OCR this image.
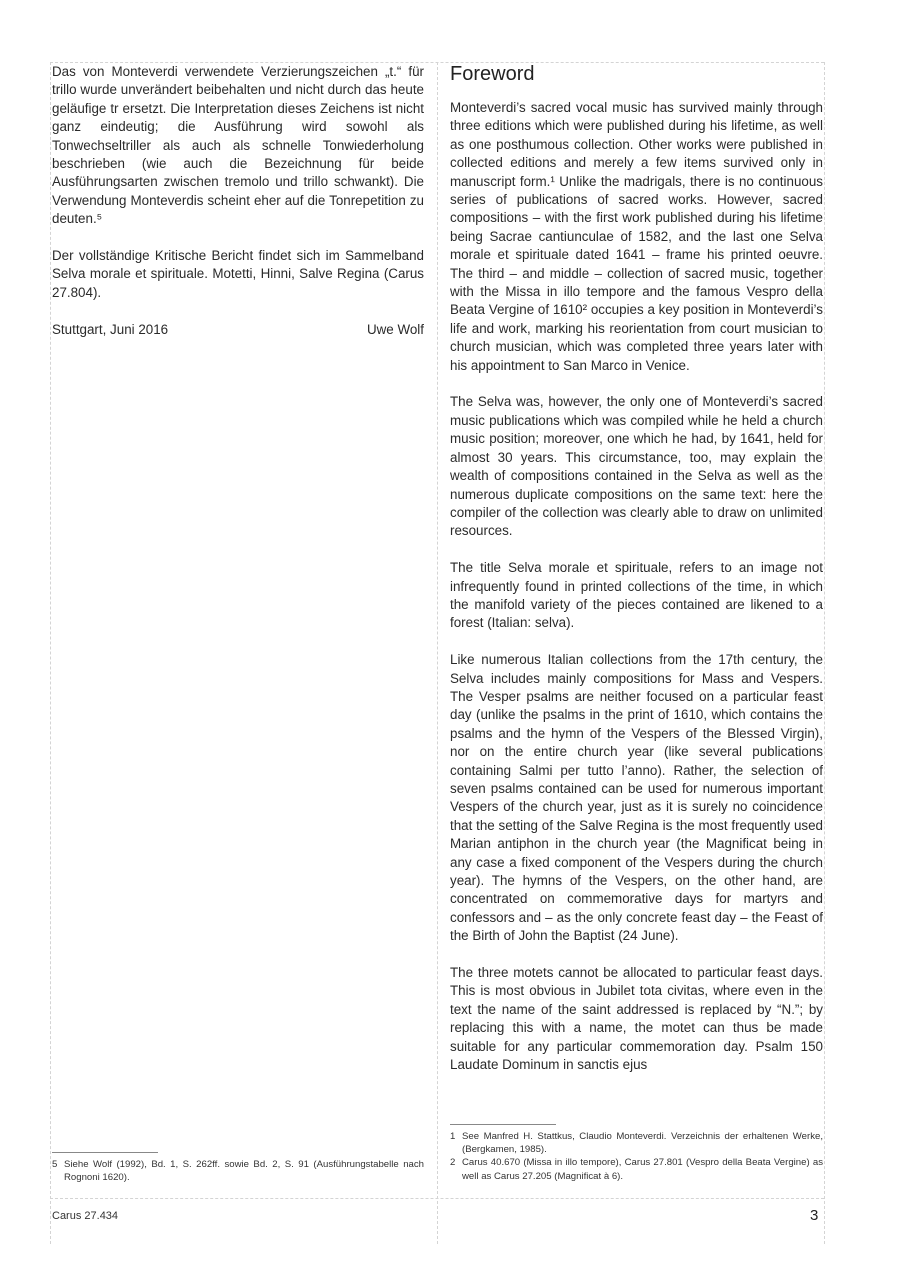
Das von Monteverdi verwendete Verzierungszeichen „t.“ für trillo wurde unverändert beibehalten und nicht durch das heute geläufige tr ersetzt. Die Interpretation dieses Zeichens ist nicht ganz eindeutig; die Ausführung wird sowohl als Tonwechseltriller als auch als schnelle Tonwiederholung beschrieben (wie auch die Bezeichnung für beide Ausführungsarten zwischen tremolo und trillo schwankt). Die Verwendung Monteverdis scheint eher auf die Tonrepetition zu deuten.⁵

Der vollständige Kritische Bericht findet sich im Sammelband Selva morale et spirituale. Motetti, Hinni, Salve Regina (Carus 27.804).

Stuttgart, Juni 2016	Uwe Wolf
5 Siehe Wolf (1992), Bd. 1, S. 262ff. sowie Bd. 2, S. 91 (Ausführungstabelle nach Rognoni 1620).
Foreword

Monteverdi’s sacred vocal music has survived mainly through three editions which were published during his lifetime, as well as one posthumous collection. Other works were published in collected editions and merely a few items survived only in manuscript form.¹ Unlike the madrigals, there is no continuous series of publications of sacred works. However, sacred compositions – with the first work published during his lifetime being Sacrae cantiunculae of 1582, and the last one Selva morale et spirituale dated 1641 – frame his printed oeuvre. The third – and middle – collection of sacred music, together with the Missa in illo tempore and the famous Vespro della Beata Vergine of 1610² occupies a key position in Monteverdi’s life and work, marking his reorientation from court musician to church musician, which was completed three years later with his appointment to San Marco in Venice.

The Selva was, however, the only one of Monteverdi’s sacred music publications which was compiled while he held a church music position; moreover, one which he had, by 1641, held for almost 30 years. This circumstance, too, may explain the wealth of compositions contained in the Selva as well as the numerous duplicate compositions on the same text: here the compiler of the collection was clearly able to draw on unlimited resources.

The title Selva morale et spirituale, refers to an image not infrequently found in printed collections of the time, in which the manifold variety of the pieces contained are likened to a forest (Italian: selva).

Like numerous Italian collections from the 17th century, the Selva includes mainly compositions for Mass and Vespers. The Vesper psalms are neither focused on a particular feast day (unlike the psalms in the print of 1610, which contains the psalms and the hymn of the Vespers of the Blessed Virgin), nor on the entire church year (like several publications containing Salmi per tutto l’anno). Rather, the selection of seven psalms contained can be used for numerous important Vespers of the church year, just as it is surely no coincidence that the setting of the Salve Regina is the most frequently used Marian antiphon in the church year (the Magnificat being in any case a fixed component of the Vespers during the church year). The hymns of the Vespers, on the other hand, are concentrated on commemorative days for martyrs and confessors and – as the only concrete feast day – the Feast of the Birth of John the Baptist (24 June).

The three motets cannot be allocated to particular feast days. This is most obvious in Jubilet tota civitas, where even in the text the name of the saint addressed is replaced by “N.”; by replacing this with a name, the motet can thus be made suitable for any particular commemoration day. Psalm 150 Laudate Dominum in sanctis ejus

1 See Manfred H. Stattkus, Claudio Monteverdi. Verzeichnis der erhaltenen Werke, (Bergkamen, 1985).
2 Carus 40.670 (Missa in illo tempore), Carus 27.801 (Vespro della Beata Vergine) as well as Carus 27.205 (Magnificat à 6).
Carus 27.434	3
